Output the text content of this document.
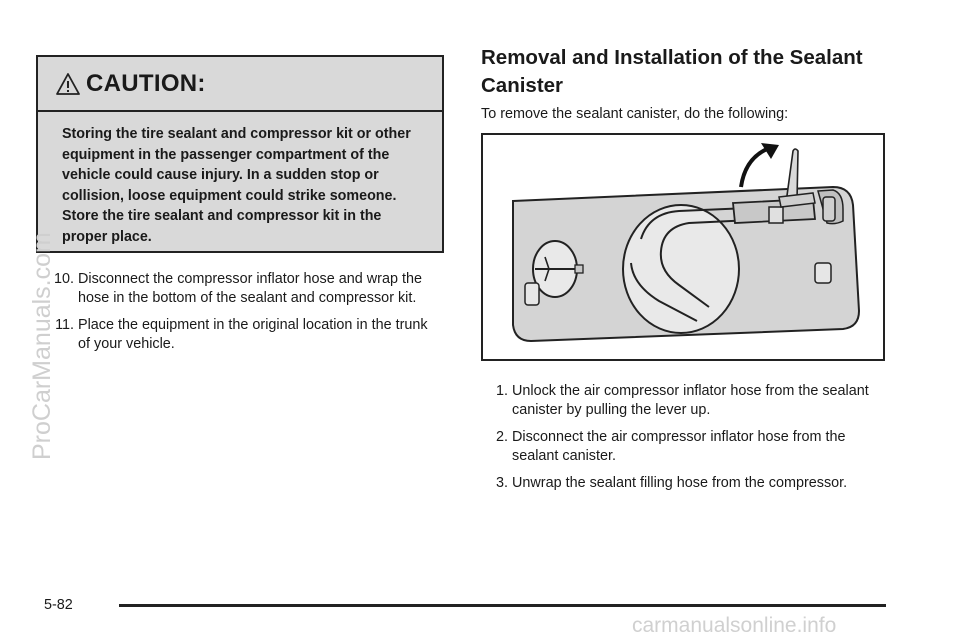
CAUTION:
Storing the tire sealant and compressor kit or other equipment in the passenger compartment of the vehicle could cause injury. In a sudden stop or collision, loose equipment could strike someone. Store the tire sealant and compressor kit in the proper place.
10. Disconnect the compressor inflator hose and wrap the hose in the bottom of the sealant and compressor kit.
11. Place the equipment in the original location in the trunk of your vehicle.
Removal and Installation of the Sealant Canister
To remove the sealant canister, do the following:
1. Unlock the air compressor inflator hose from the sealant canister by pulling the lever up.
2. Disconnect the air compressor inflator hose from the sealant canister.
3. Unwrap the sealant filling hose from the compressor.
ProCarManuals.com
5-82
carmanualsonline.info
